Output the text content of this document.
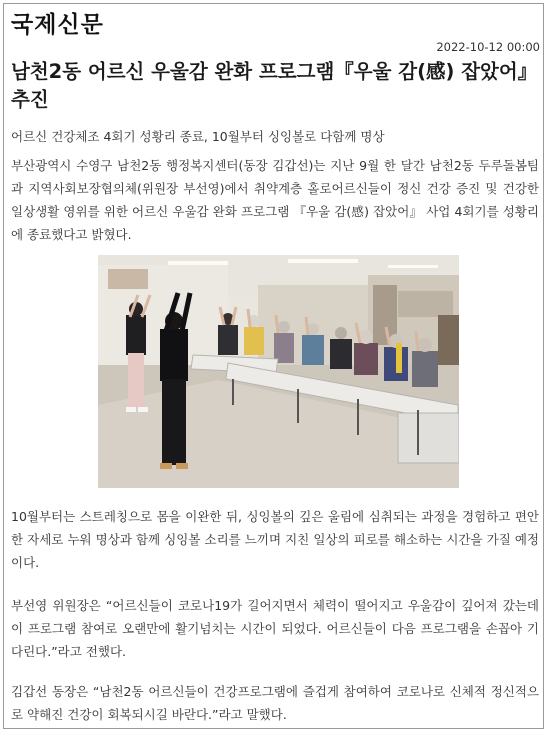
국제신문
2022-10-12 00:00
남천2동 어르신 우울감 완화 프로그램『우울 감(感) 잡았어』추진
어르신 건강체조 4회기 성황리 종료, 10월부터 싱잉볼로 다함께 명상

부산광역시 수영구 남천2동 행정복지센터(동장 김갑선)는 지난 9월 한 달간 남천2동 두루돌봄팀과 지역사회보장협의체(위원장 부선영)에서 취약계층 홀로어르신들이 정신 건강 증진 및 건강한 일상생활 영위를 위한 어르신 우울감 완화 프로그램 『우울 감(感) 잡았어』 사업 4회기를 성황리에 종료했다고 밝혔다.

10월부터는 스트레칭으로 몸을 이완한 뒤, 싱잉볼의 깊은 울림에 심취되는 과정을 경험하고 편안한 자세로 누워 명상과 함께 싱잉볼 소리를 느끼며 지친 일상의 피로를 해소하는 시간을 가질 예정이다.

부선영 위원장은 “어르신들이 코로나19가 길어지면서 체력이 떨어지고 우울감이 깊어져 갔는데 이 프로그램 참여로 오랜만에 활기넘치는 시간이 되었다. 어르신들이 다음 프로그램을 손꼽아 기다린다.”라고 전했다.

김갑선 동장은 “남천2동 어르신들이 건강프로그램에 즐겁게 참여하여 코로나로 신체적 정신적으로 약해진 건강이 회복되시길 바란다.”라고 말했다.
